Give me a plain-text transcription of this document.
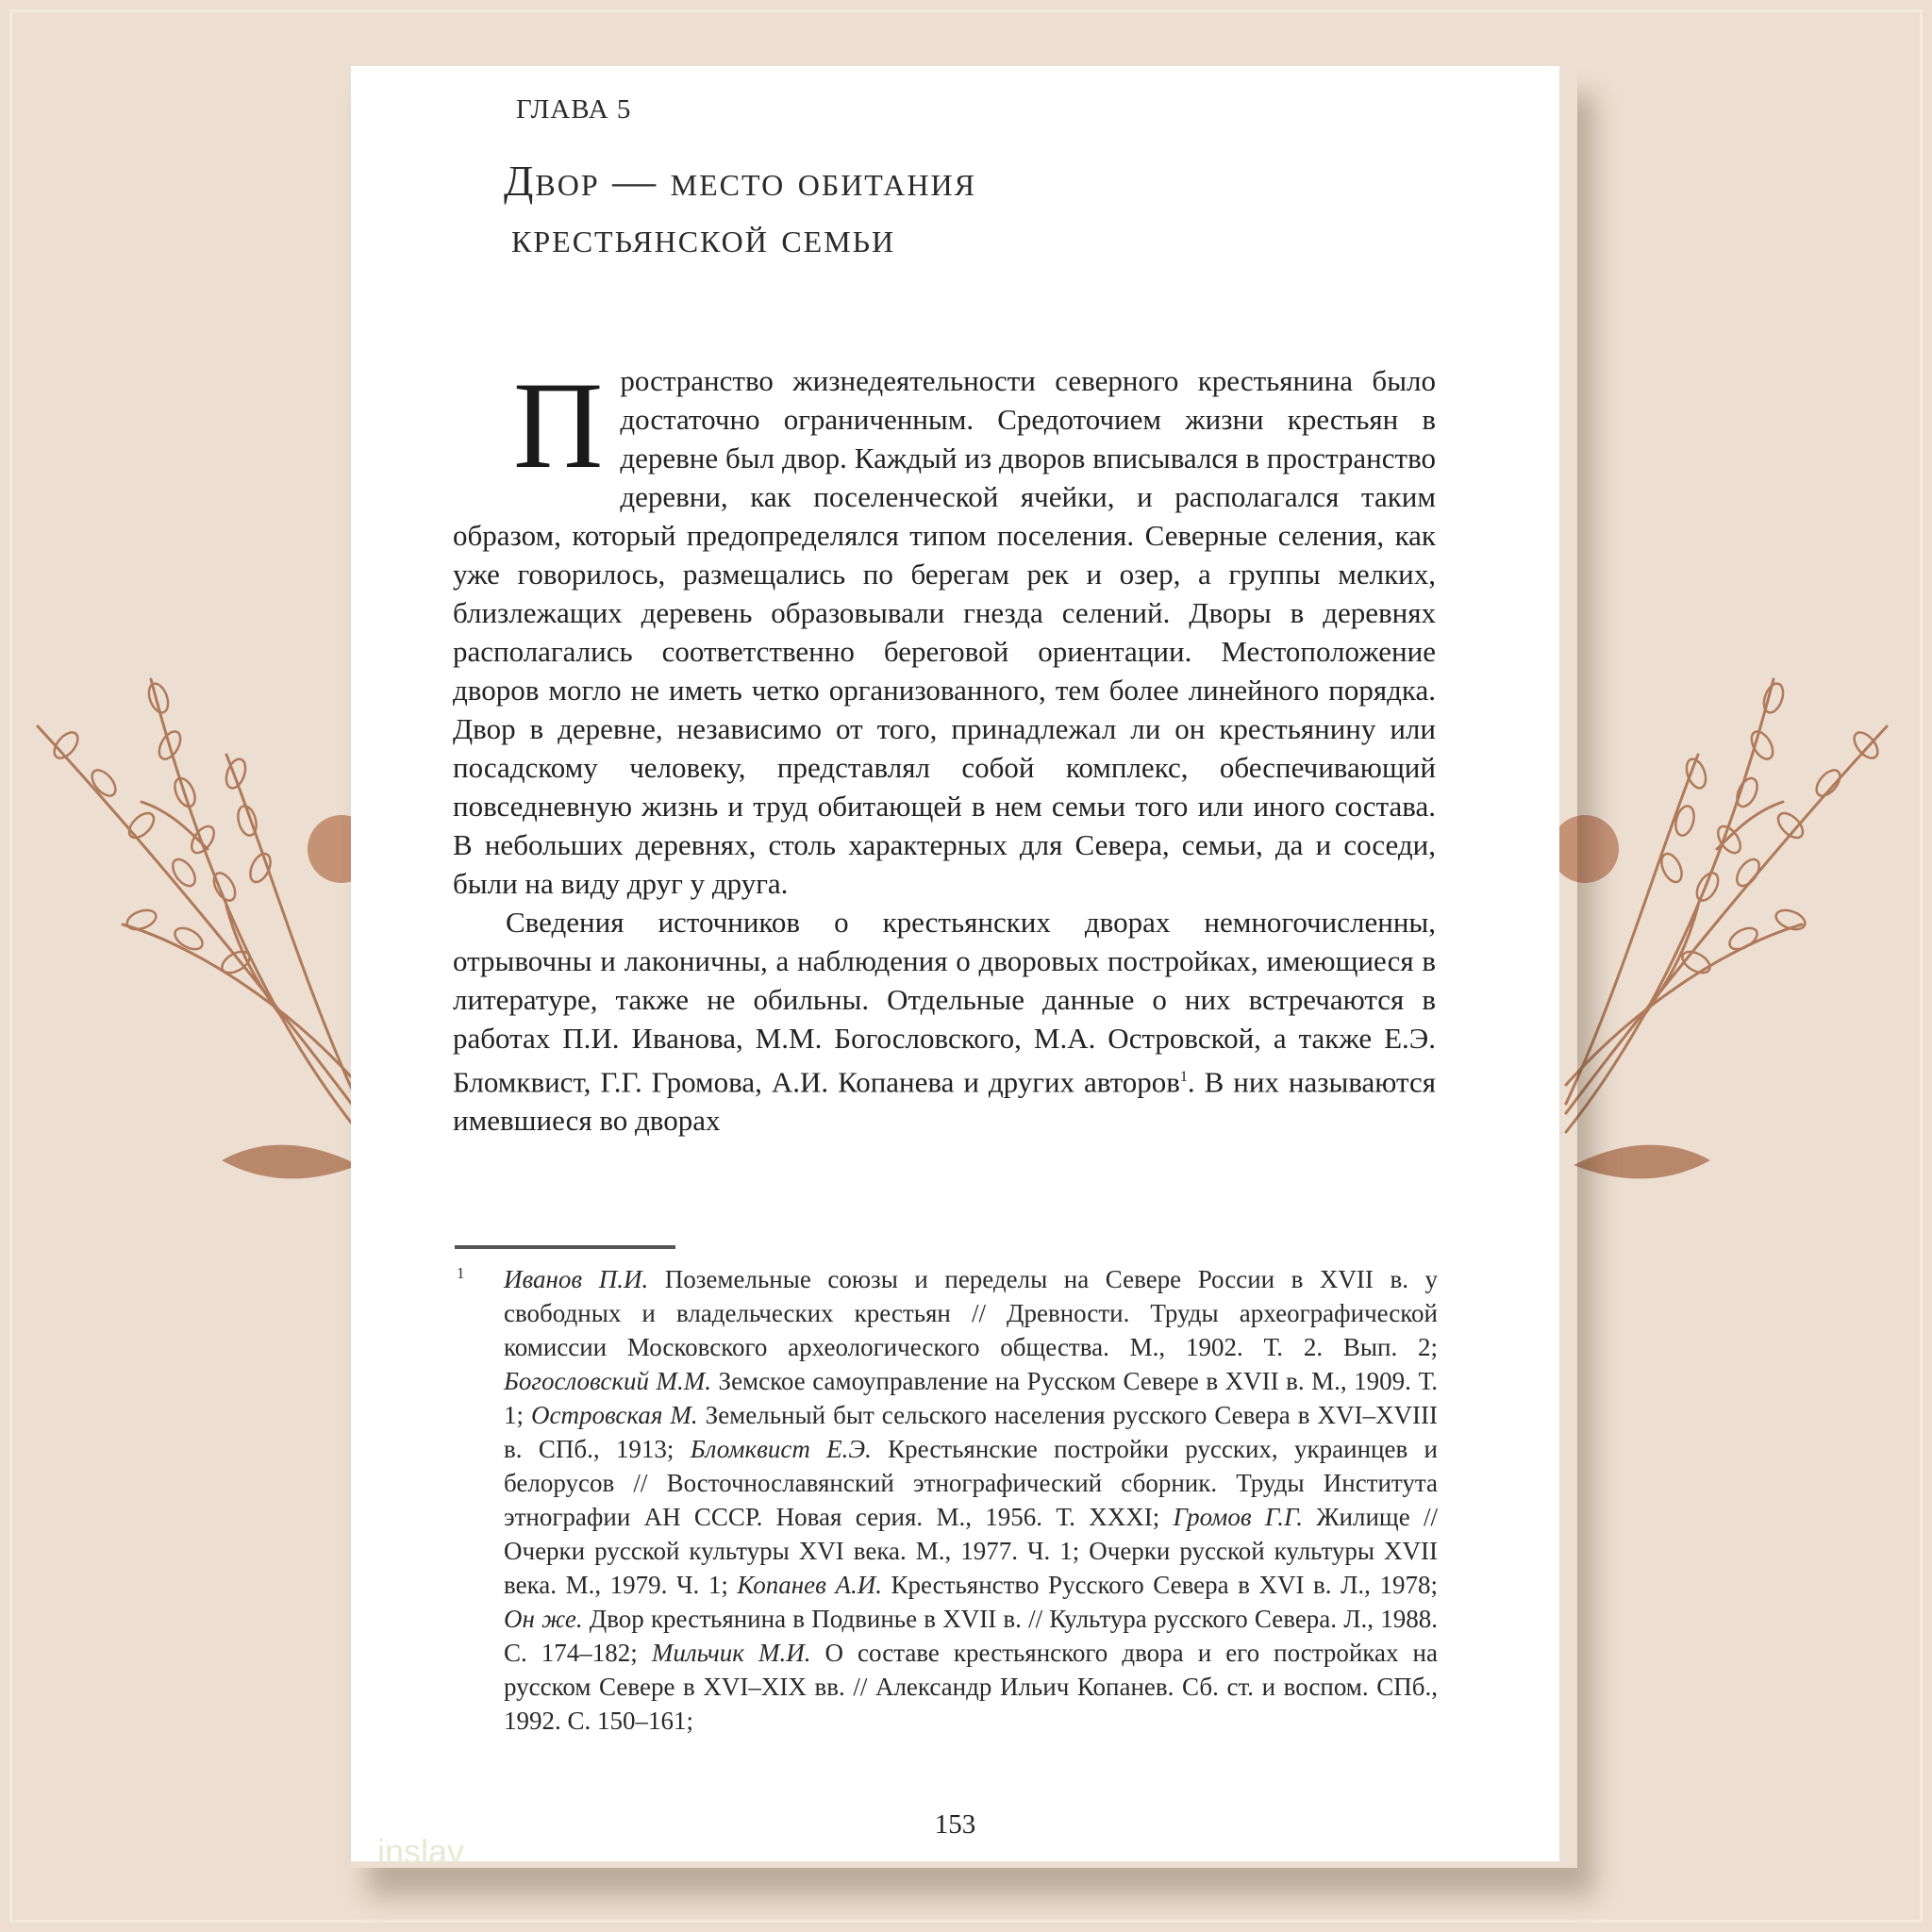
ГЛАВА 5
Двор — место обитания
крестьянской семьи

Пространство жизнедеятельности северного крестьянина было достаточно ограниченным. Средоточием жизни крестьян в деревне был двор. Каждый из дворов вписывался в пространство деревни, как поселенческой ячейки, и располагался таким образом, который предопределялся типом поселения. Северные селения, как уже говорилось, размещались по берегам рек и озер, а группы мелких, близлежащих деревень образовывали гнезда селений. Дворы в деревнях располагались соответственно береговой ориентации. Местоположение дворов могло не иметь четко организованного, тем более линейного порядка. Двор в деревне, независимо от того, принадлежал ли он крестьянину или посадскому человеку, представлял собой комплекс, обеспечивающий повседневную жизнь и труд обитающей в нем семьи того или иного состава. В небольших деревнях, столь характерных для Севера, семьи, да и соседи, были на виду друг у друга.

Сведения источников о крестьянских дворах немногочисленны, отрывочны и лаконичны, а наблюдения о дворовых постройках, имеющиеся в литературе, также не обильны. Отдельные данные о них встречаются в работах П.И. Иванова, М.М. Богословского, М.А. Островской, а также Е.Э. Бломквист, Г.Г. Громова, А.И. Копанева и других авторов$^1$. В них называются имевшиеся во дворах

1 Иванов П.И. Поземельные союзы и переделы на Севере России в XVII в. у свободных и владельческих крестьян // Древности. Труды археографической комиссии Московского археологического общества. М., 1902. Т. 2. Вып. 2; Богословский М.М. Земское самоуправление на Русском Севере в XVII в. М., 1909. Т. 1; Островская М. Земельный быт сельского населения русского Севера в XVI–XVIII в. СПб., 1913; Бломквист Е.Э. Крестьянские постройки русских, украинцев и белорусов // Восточнославянский этнографический сборник. Труды Института этнографии АН СССР. Новая серия. М., 1956. Т. XXXI; Громов Г.Г. Жилище // Очерки русской культуры XVI века. М., 1977. Ч. 1; Очерки русской культуры XVII века. М., 1979. Ч. 1; Копанев А.И. Крестьянство Русского Севера в XVI в. Л., 1978; Он же. Двор крестьянина в Подвинье в XVII в. // Культура русского Севера. Л., 1988. С. 174–182; Мильчик М.И. О составе крестьянского двора и его постройках на русском Севере в XVI–XIX вв. // Александр Ильич Копанев. Сб. ст. и воспом. СПб., 1992. С. 150–161;
153
inslav
